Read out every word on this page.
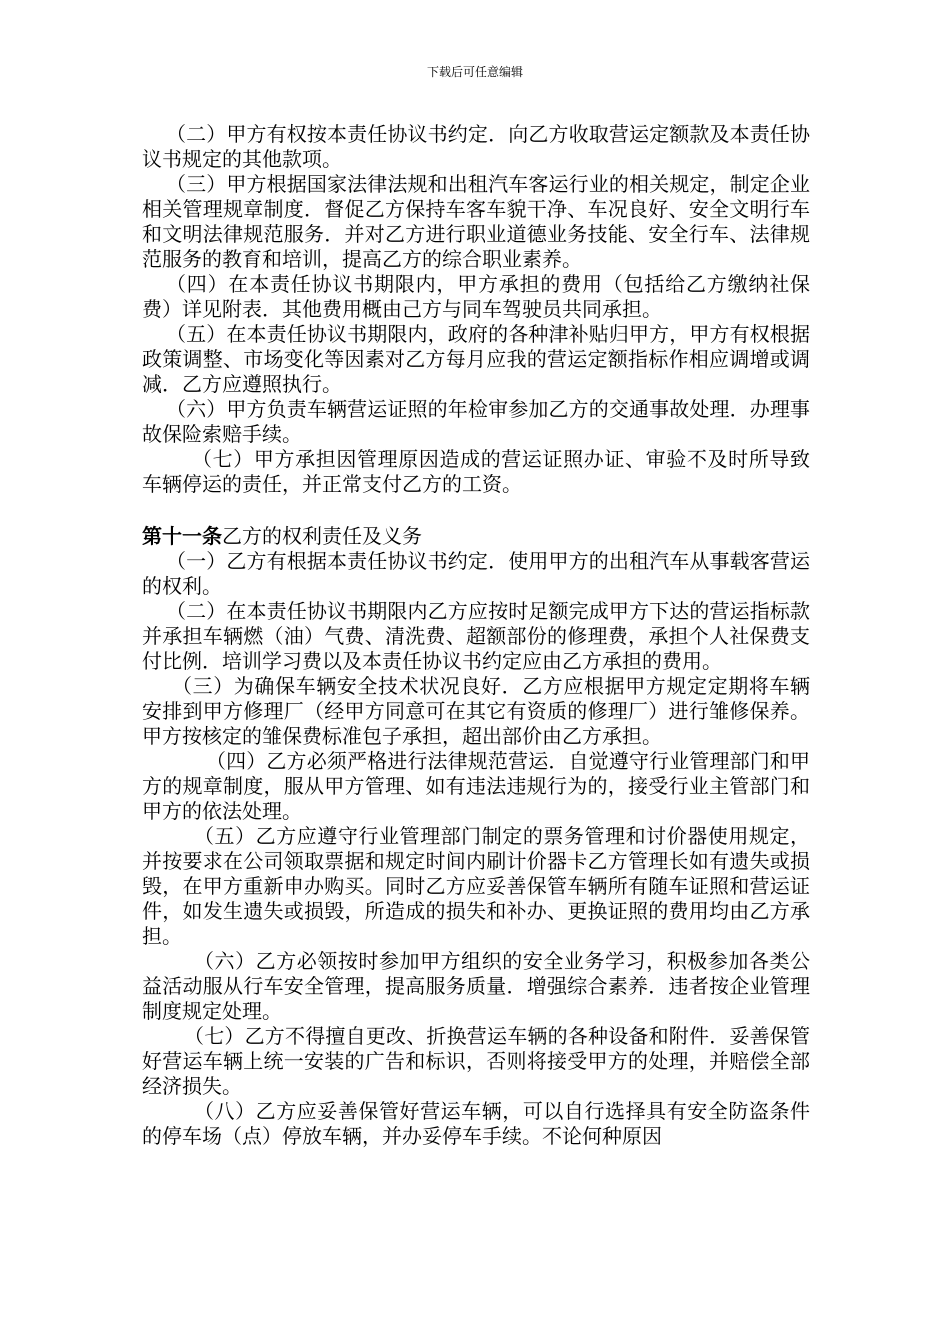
下载后可任意编辑

（二）甲方有权按本责任协议书约定．向乙方收取营运定额款及本责任协议书规定的其他款项。

（三）甲方根据国家法律法规和出租汽车客运行业的相关规定，制定企业相关管理规章制度．督促乙方保持车客车貌干净、车况良好、安全文明行车和文明法律规范服务．并对乙方进行职业道德业务技能、安全行车、法律规范服务的教育和培训，提高乙方的综合职业素养。

（四）在本责任协议书期限内，甲方承担的费用（包括给乙方缴纳社保费）详见附表．其他费用概由己方与同车驾驶员共同承担。

（五）在本责任协议书期限内，政府的各种津补贴归甲方，甲方有权根据政策调整、市场变化等因素对乙方每月应我的营运定额指标作相应调增或调减．乙方应遵照执行。

（六）甲方负责车辆营运证照的年检审参加乙方的交通事故处理．办理事故保险索赔手续。

（七）甲方承担因管理原因造成的营运证照办证、审验不及时所导致车辆停运的责任，并正常支付乙方的工资。

第十一条乙方的权利责任及义务

（一）乙方有根据本责任协议书约定．使用甲方的出租汽车从事载客营运的权利。

（二）在本责任协议书期限内乙方应按时足额完成甲方下达的营运指标款并承担车辆燃（油）气费、清洗费、超额部份的修理费，承担个人社保费支付比例．培训学习费以及本责任协议书约定应由乙方承担的费用。

（三）为确保车辆安全技术状况良好．乙方应根据甲方规定定期将车辆安排到甲方修理厂（经甲方同意可在其它有资质的修理厂）进行雏修保养。甲方按核定的雏保费标准包子承担，超出部价由乙方承担。

（四）乙方必须严格进行法律规范营运．自觉遵守行业管理部门和甲方的规章制度，服从甲方管理、如有违法违规行为的，接受行业主管部门和甲方的依法处理。

（五）乙方应遵守行业管理部门制定的票务管理和讨价器使用规定，并按要求在公司领取票据和规定时间内刷计价器卡乙方管理长如有遗失或损毁，在甲方重新申办购买。同时乙方应妥善保管车辆所有随车证照和营运证件，如发生遗失或损毁，所造成的损失和补办、更换证照的费用均由乙方承担。

（六）乙方必领按时参加甲方组织的安全业务学习，积极参加各类公益活动服从行车安全管理，提高服务质量．增强综合素养．违者按企业管理制度规定处理。

（七）乙方不得擅自更改、折换营运车辆的各种设备和附件．妥善保管好营运车辆上统一安装的广告和标识，否则将接受甲方的处理，并赔偿全部经济损失。

（八）乙方应妥善保管好营运车辆，可以自行选择具有安全防盗条件的停车场（点）停放车辆，并办妥停车手续。不论何种原因
